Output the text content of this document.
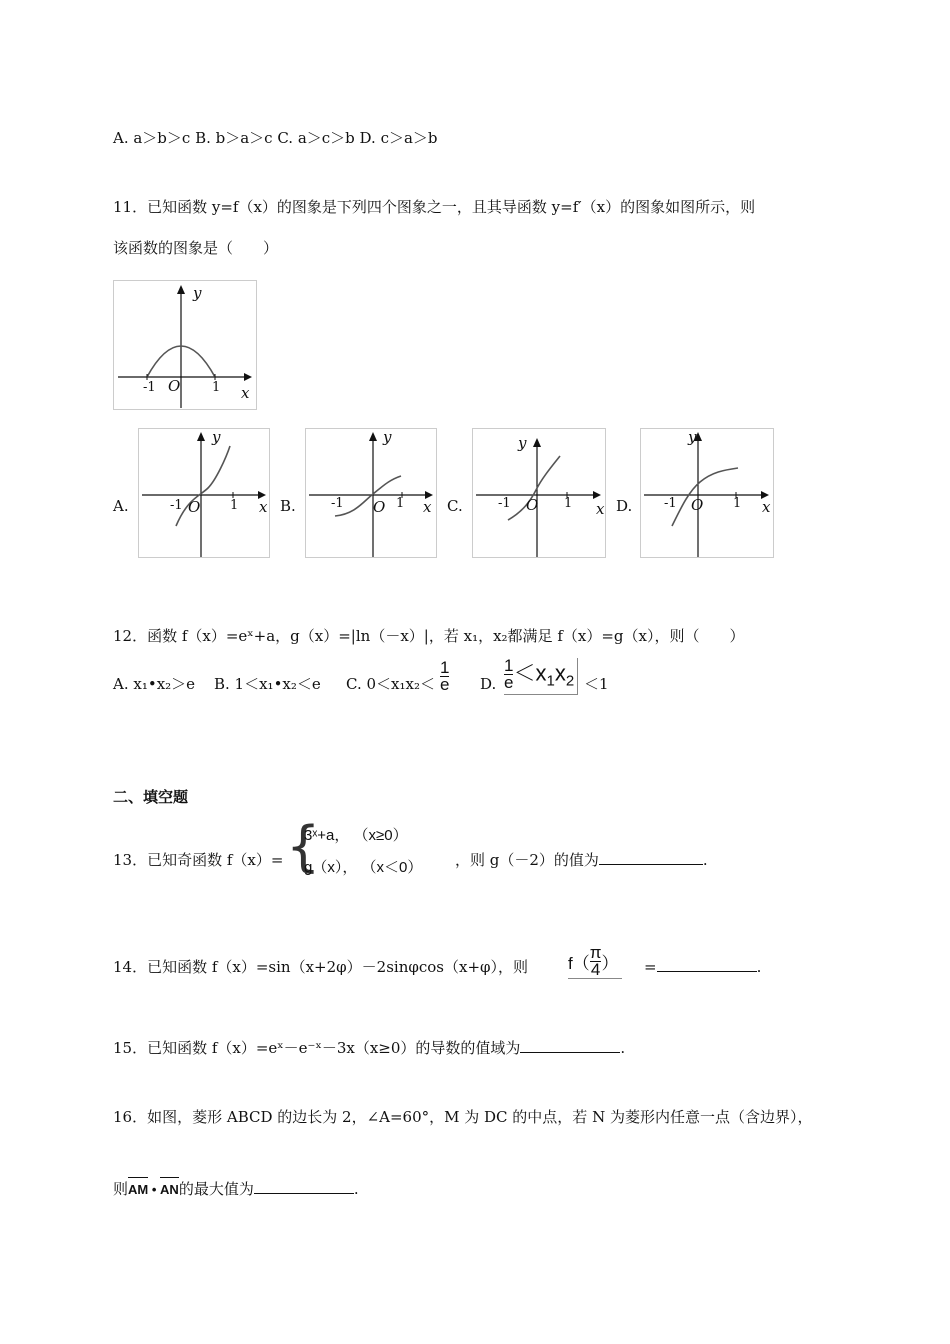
A. a＞b＞c B. b＞a＞c C. a＞c＞b D. c＞a＞b
11．已知函数 y=f（x）的图象是下列四个图象之一，且其导函数 y=f′（x）的图象如图所示，则
该函数的图象是（　　）
y
-1 O 1 x
A.
y
-1 O 1 x B.
y
-1 O 1 x C.
y
-1 O 1 x D.
y
-1 O 1 x
12．函数 f（x）=eˣ+a，g（x）=|ln（－x）|，若 x₁，x₂都满足 f（x）=g（x），则（　　）
A. x₁•x₂＞e B. 1＜x₁•x₂＜e C. $0<x_1x_2< \frac{1}{e} D$. $\frac{1}{e} <x_1x_2 <1$
二、填空题
13．已知奇函数 f（x）= {
3ˣ+a， （x≥0）
g（x）， （x＜0） ，则 g（－2）的值为	.
14．已知函数 f（x）=sin（x+2φ）－2sinφcos（x+φ），则 $f( \frac{\pi}{4}$ ） =	.
15．已知函数 f（x）=eˣ－e⁻ˣ－3x（x≥0）的导数的值域为	.
16．如图，菱形 ABCD 的边长为 2，∠A=60°，M 为 DC 的中点，若 N 为菱形内任意一点（含边界），
则
AM • AN的最大值为	.
